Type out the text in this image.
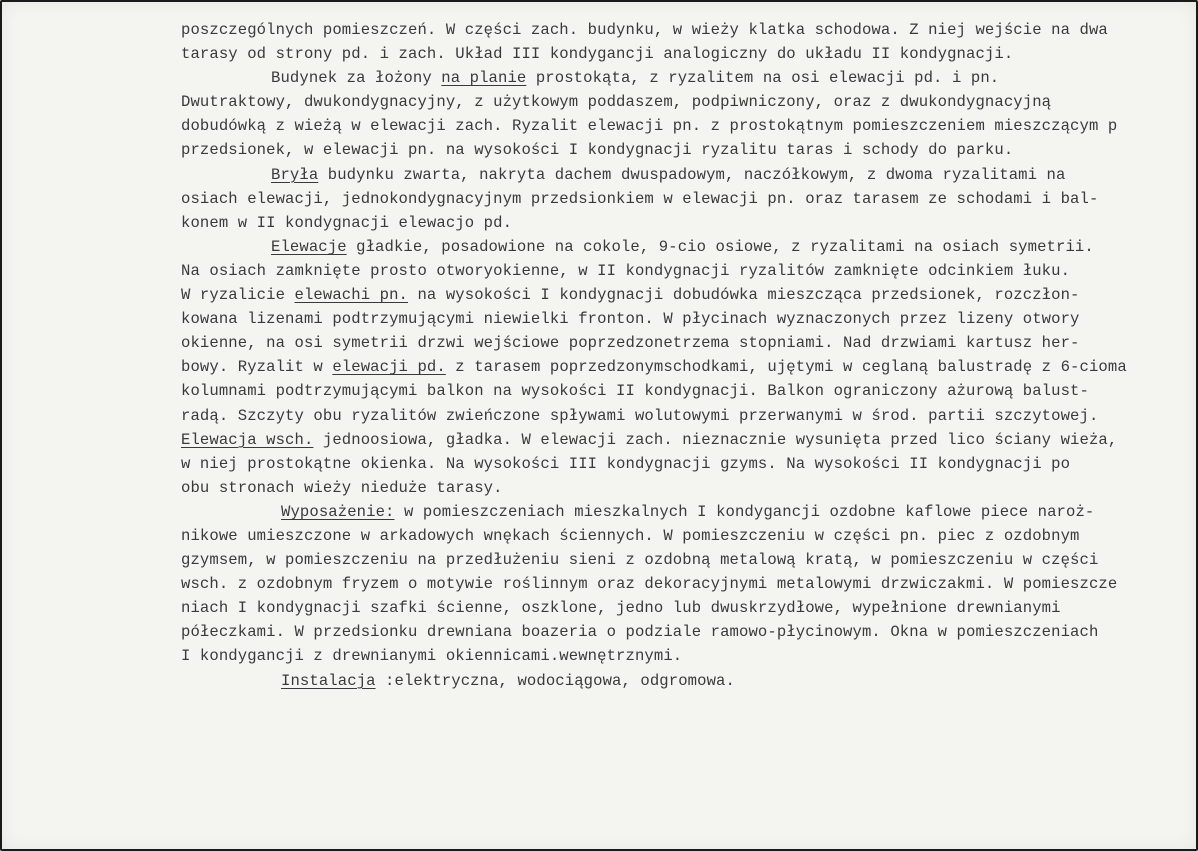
poszczególnych pomieszczeń. W części zach. budynku, w wieży klatka schodowa. Z niej wejście na dwa
tarasy od strony pd. i zach. Układ III kondygancji analogiczny do układu II kondygnacji.
Budynek za łożony na planie prostokąta, z ryzalitem na osi elewacji pd. i pn.
Dwutraktowy, dwukondygnacyjny, z użytkowym poddaszem, podpiwniczony, oraz z dwukondygnacyjną
dobudówką z wieżą w elewacji zach. Ryzalit elewacji pn. z prostokątnym pomieszczeniem mieszczącym p
przedsionek, w elewacji pn. na wysokości I kondygnacji ryzalitu taras i schody do parku.
Bryła budynku zwarta, nakryta dachem dwuspadowym, naczółkowym, z dwoma ryzalitami na
osiach elewacji, jednokondygnacyjnym przedsionkiem w elewacji pn. oraz tarasem ze schodami i bal-
konem w II kondygnacji elewacjo pd.
Elewacje gładkie, posadowione na cokole, 9-cio osiowe, z ryzalitami na osiach symetrii.
Na osiach zamknięte prosto otworyokienne, w II kondygnacji ryzalitów zamknięte odcinkiem łuku.
W ryzalicie elewachi pn. na wysokości I kondygnacji dobudówka mieszcząca przedsionek, rozczłon-
kowana lizenami podtrzymującymi niewielki fronton. W płycinach wyznaczonych przez lizeny otwory
okienne, na osi symetrii drzwi wejściowe poprzedzonetrzema stopniami. Nad drzwiami kartusz her-
bowy. Ryzalit w elewacji pd. z tarasem poprzedzonymschodkami, ujętymi w ceglaną balustradę z 6-cioma
kolumnami podtrzymującymi balkon na wysokości II kondygnacji. Balkon ograniczony ażurową balust-
radą. Szczyty obu ryzalitów zwieńczone spływami wolutowymi przerwanymi w środ. partii szczytowej.
Elewacja wsch. jednoosiowa, gładka. W elewacji zach. nieznacznie wysunięta przed lico ściany wieża,
w niej prostokątne okienka. Na wysokości III kondygnacji gzyms. Na wysokości II kondygnacji po
obu stronach wieży nieduże tarasy.
Wyposażenie: w pomieszczeniach mieszkalnych I kondygancji ozdobne kaflowe piece naroż-
nikowe umieszczone w arkadowych wnękach ściennych. W pomieszczeniu w części pn. piec z ozdobnym
gzymsem, w pomieszczeniu na przedłużeniu sieni z ozdobną metalową kratą, w pomieszczeniu w części
wsch. z ozdobnym fryzem o motywie roślinnym oraz dekoracyjnymi metalowymi drzwiczakmi. W pomieszcze
niach I kondygnacji szafki ścienne, oszklone, jedno lub dwuskrzydłowe, wypełnione drewnianymi
półeczkami. W przedsionku drewniana boazeria o podziale ramowo-płycinowym. Okna w pomieszczeniach
I kondygancji z drewnianymi okiennicami.wewnętrznymi.
Instalacja :elektryczna, wodociągowa, odgromowa.
